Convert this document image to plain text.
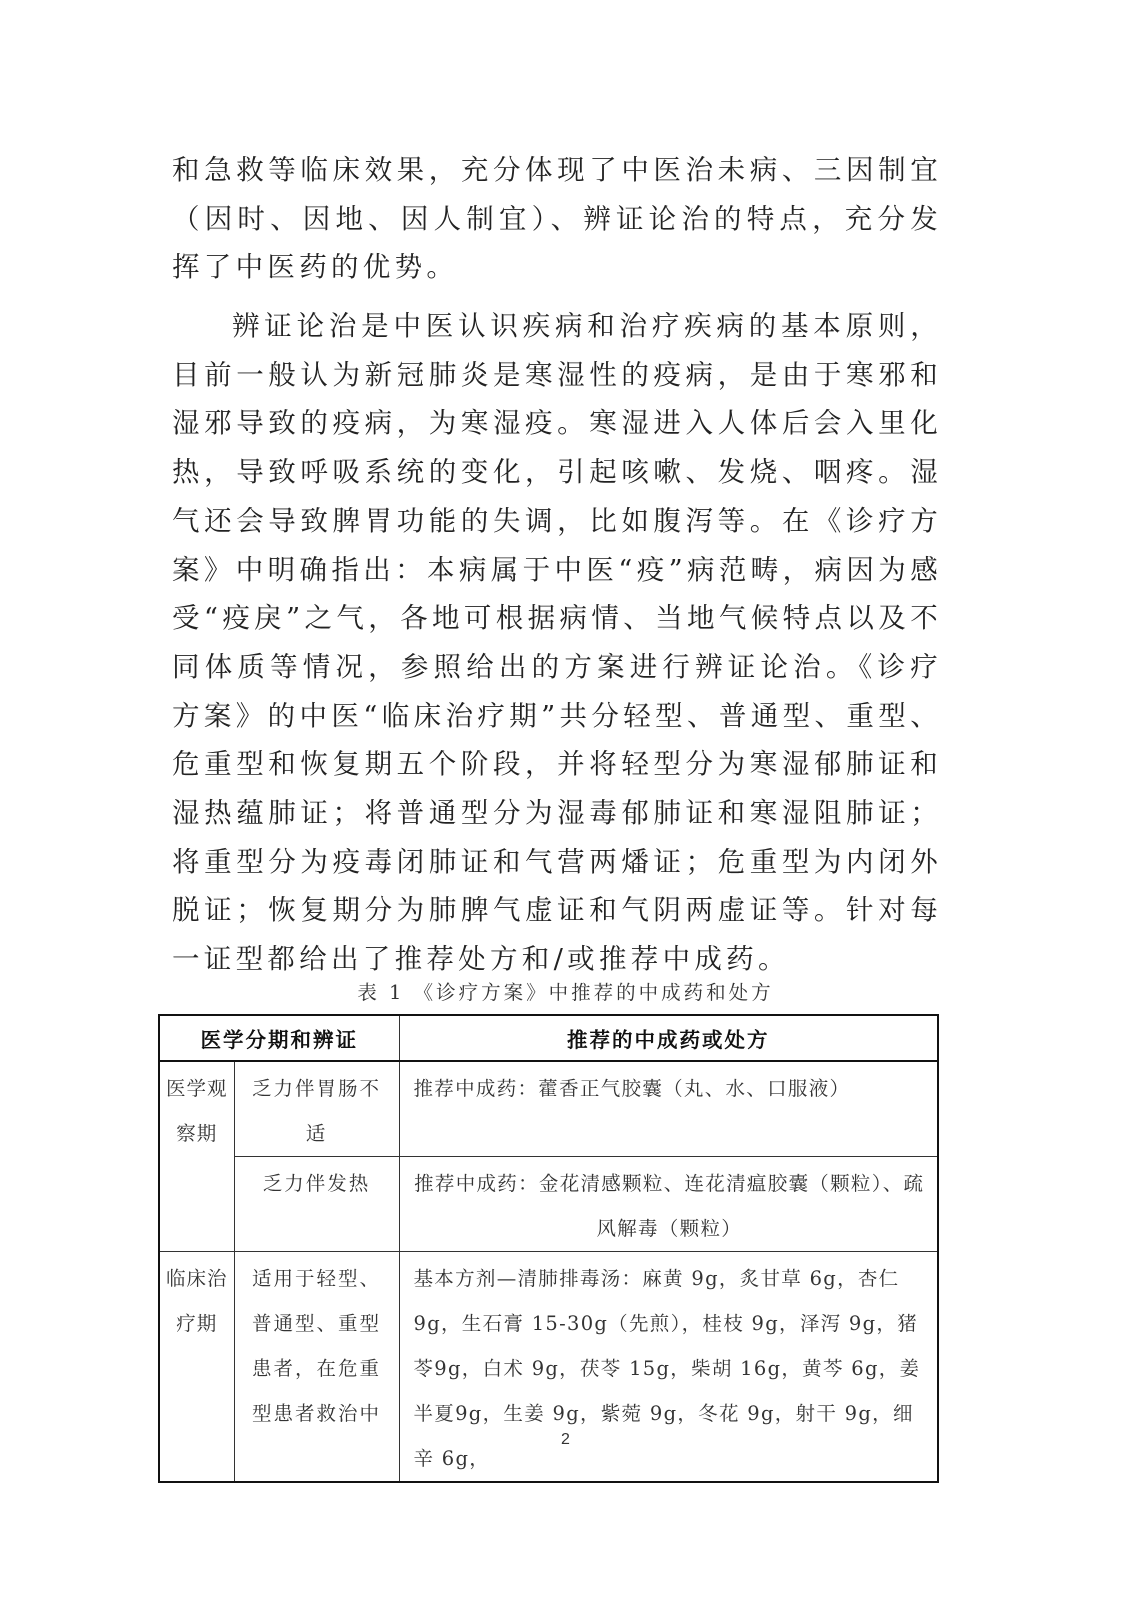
和急救等临床效果，充分体现了中医治未病、三因制宜（因时、因地、因人制宜）、辨证论治的特点，充分发挥了中医药的优势。

辨证论治是中医认识疾病和治疗疾病的基本原则，目前一般认为新冠肺炎是寒湿性的疫病，是由于寒邪和湿邪导致的疫病，为寒湿疫。寒湿进入人体后会入里化热，导致呼吸系统的变化，引起咳嗽、发烧、咽疼。湿气还会导致脾胃功能的失调，比如腹泻等。在《诊疗方案》中明确指出：本病属于中医“疫”病范畴，病因为感受“疫戾”之气，各地可根据病情、当地气候特点以及不同体质等情况，参照给出的方案进行辨证论治。《诊疗方案》的中医“临床治疗期”共分轻型、普通型、重型、危重型和恢复期五个阶段，并将轻型分为寒湿郁肺证和湿热蕴肺证；将普通型分为湿毒郁肺证和寒湿阻肺证；将重型分为疫毒闭肺证和气营两燔证；危重型为内闭外脱证；恢复期分为肺脾气虚证和气阴两虚证等。针对每一证型都给出了推荐处方和/或推荐中成药。

表 1 《诊疗方案》中推荐的中成药和处方
医学分期和辨证		推荐的中成药或处方
医学观察期	乏力伴胃肠不适	推荐中成药：藿香正气胶囊（丸、水、口服液）
	乏力伴发热	推荐中成药：金花清感颗粒、连花清瘟胶囊（颗粒）、疏风解毒（颗粒）
临床治疗期	适用于轻型、普通型、重型患者，在危重型患者救治中	基本方剂—清肺排毒汤：麻黄 9g，炙甘草 6g，杏仁9g，生石膏 15-30g（先煎），桂枝 9g，泽泻 9g，猪苓9g，白术 9g，茯苓 15g，柴胡 16g，黄芩 6g，姜半夏9g，生姜 9g，紫菀 9g，冬花 9g，射干 9g，细辛 6g，
2
